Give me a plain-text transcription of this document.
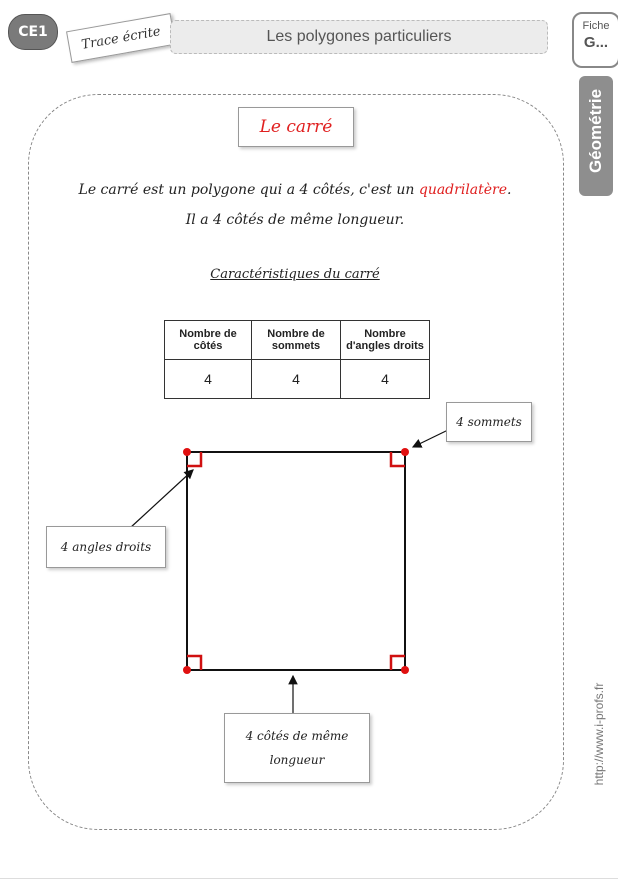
CE1	Trace écrite	Les polygones particuliers
Fiche
G...
Géométrie
http://www.i-profs.fr
Le carré
Le carré est un polygone qui a 4 côtés, c'est un quadrilatère.
Il a 4 côtés de même longueur.
Caractéristiques du carré
Nombre de côtés	Nombre de sommets	Nombre d'angles droits
4	4	4
4 sommets
4 angles droits
4 côtés de même
longueur
